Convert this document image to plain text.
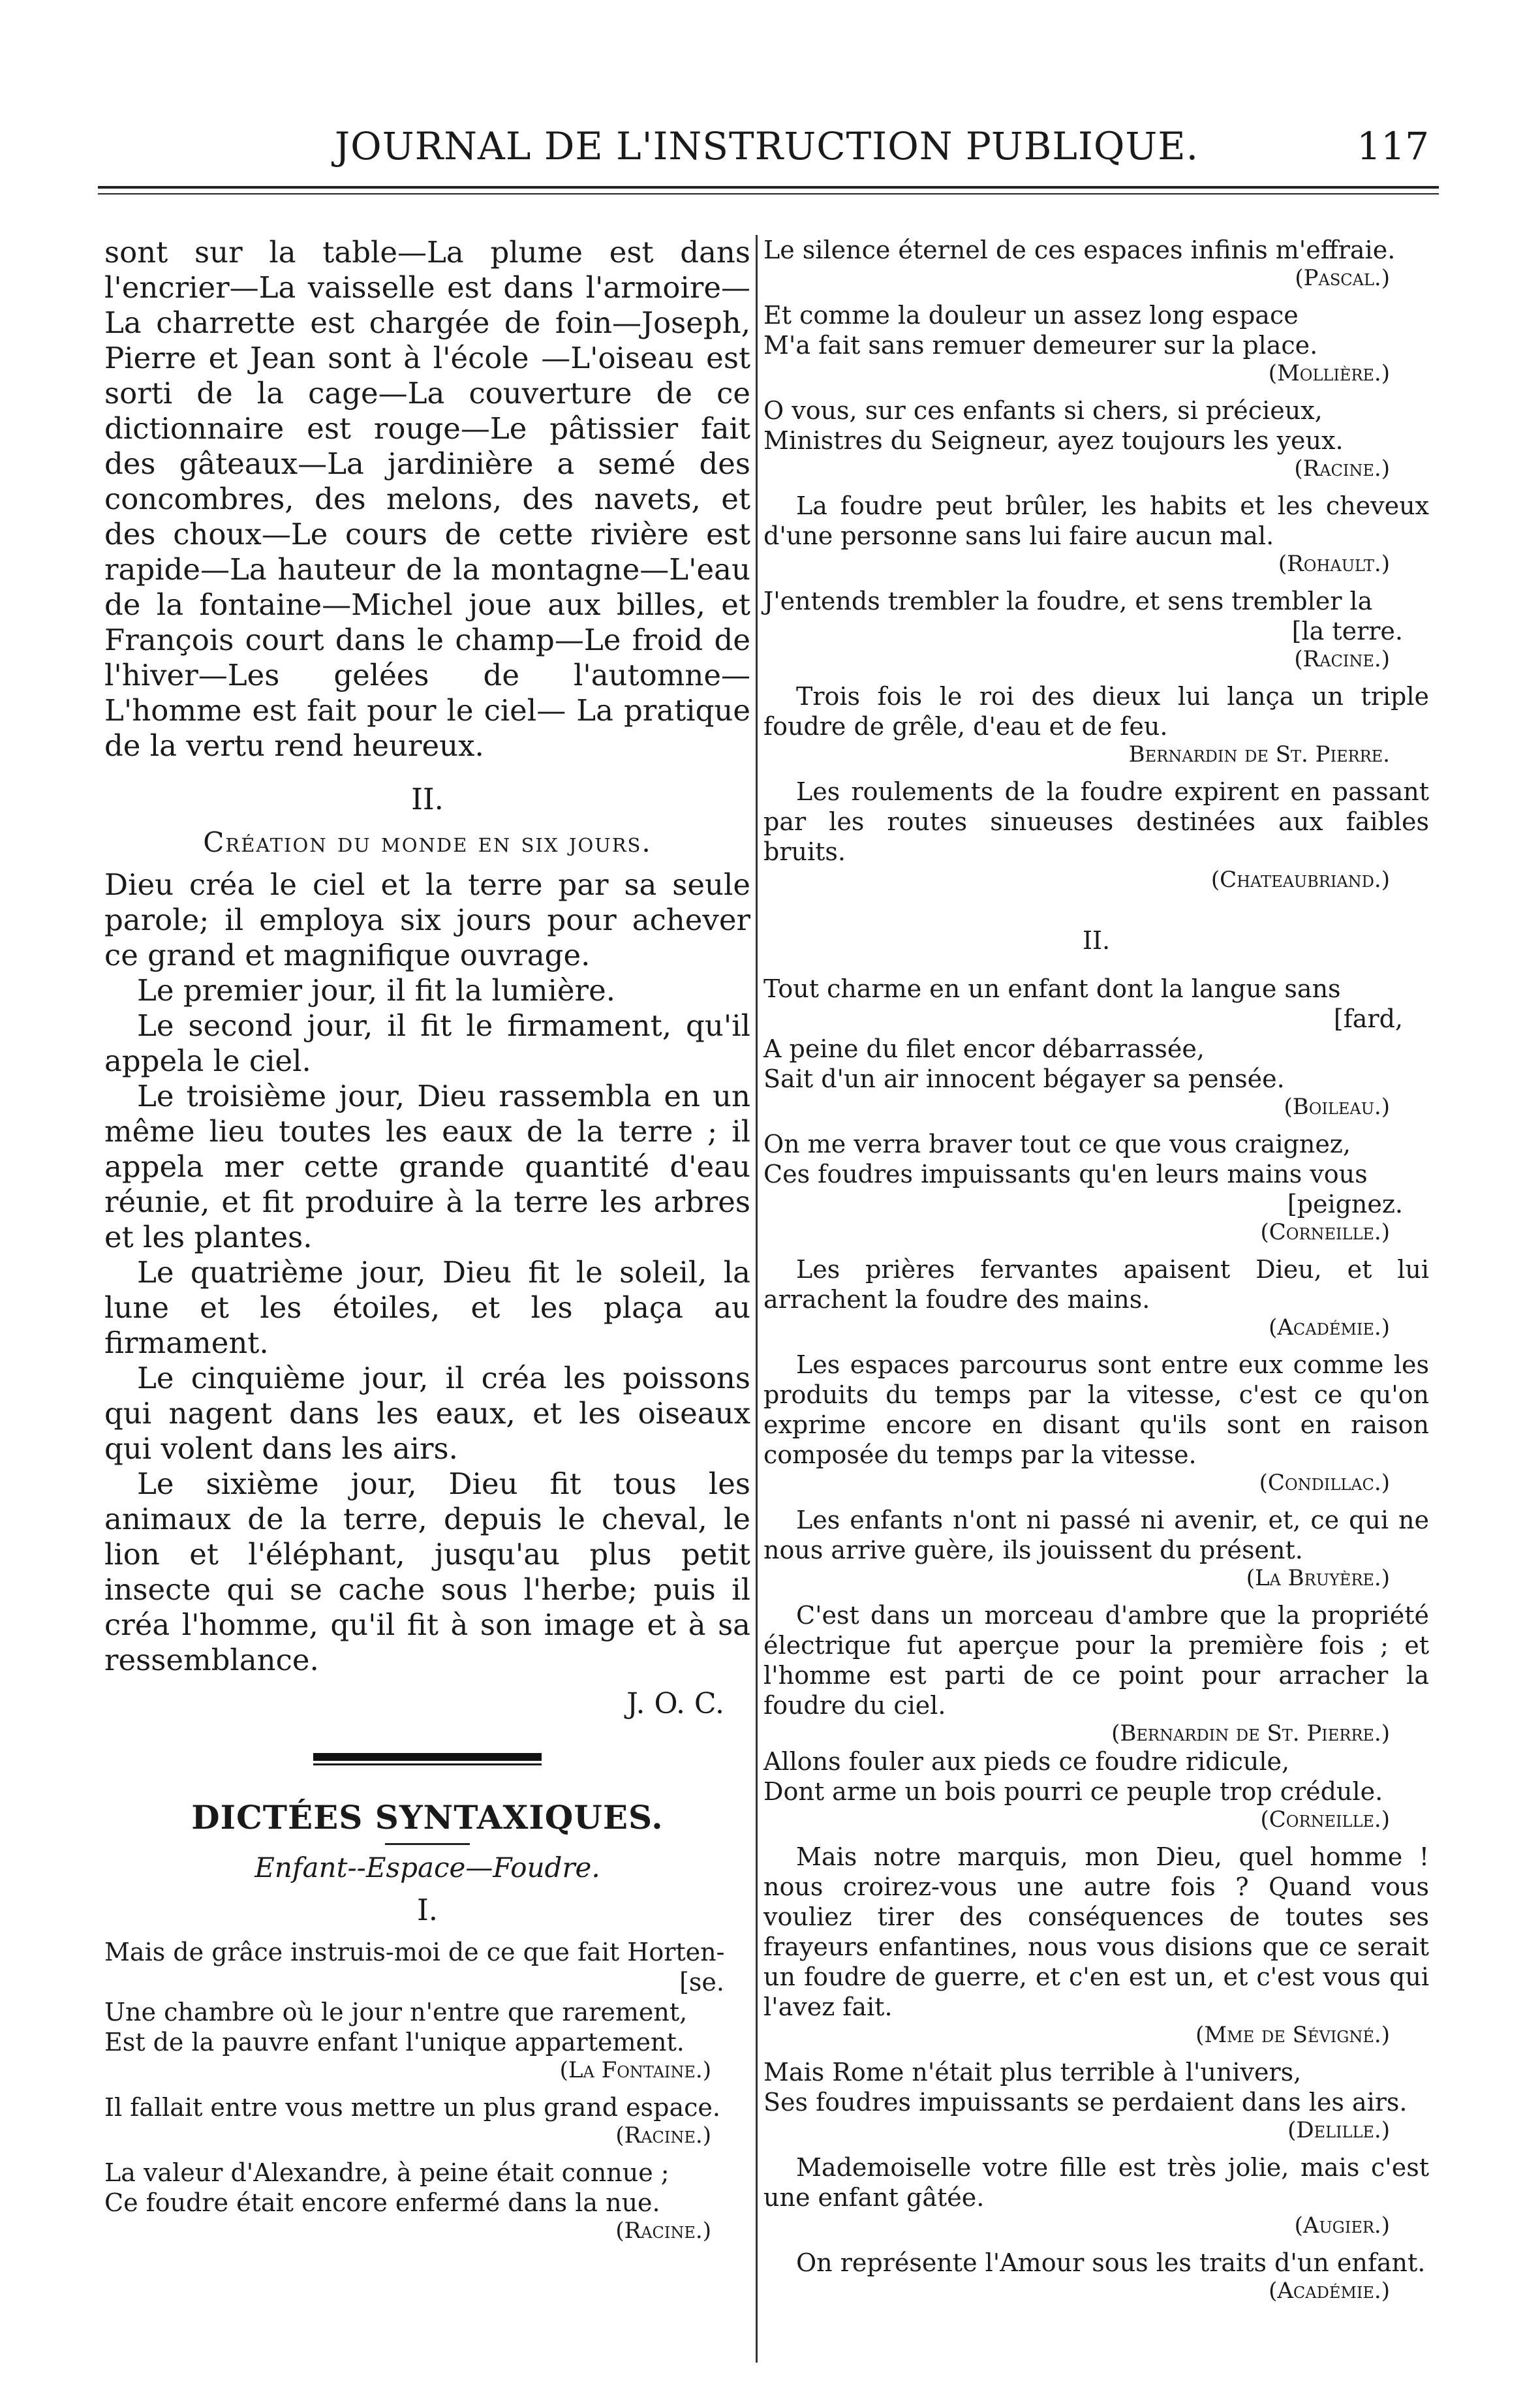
JOURNAL DE L'INSTRUCTION PUBLIQUE.	117

sont sur la table—La plume est dans l'encrier—La vaisselle est dans l'armoire—La charrette est chargée de foin—Joseph, Pierre et Jean sont à l'école —L'oiseau est sorti de la cage—La couverture de ce dictionnaire est rouge—Le pâtissier fait des gâteaux—La jardinière a semé des concombres, des melons, des navets, et des choux—Le cours de cette rivière est rapide—La hauteur de la montagne—L'eau de la fontaine—Michel joue aux billes, et François court dans le champ—Le froid de l'hiver—Les gelées de l'automne—L'homme est fait pour le ciel— La pratique de la vertu rend heureux.

II.

Création du monde en six jours.

Dieu créa le ciel et la terre par sa seule parole; il employa six jours pour achever ce grand et magnifique ouvrage.

Le premier jour, il fit la lumière.

Le second jour, il fit le firmament, qu'il appela le ciel.

Le troisième jour, Dieu rassembla en un même lieu toutes les eaux de la terre ; il appela mer cette grande quantité d'eau réunie, et fit produire à la terre les arbres et les plantes.

Le quatrième jour, Dieu fit le soleil, la lune et les étoiles, et les plaça au firmament.

Le cinquième jour, il créa les poissons qui nagent dans les eaux, et les oiseaux qui volent dans les airs.

Le sixième jour, Dieu fit tous les animaux de la terre, depuis le cheval, le lion et l'éléphant, jusqu'au plus petit insecte qui se cache sous l'herbe; puis il créa l'homme, qu'il fit à son image et à sa ressemblance.

J. O. C.

DICTÉES SYNTAXIQUES.

Enfant--Espace—Foudre.

I.

Mais de grâce instruis-moi de ce que fait Horten-

[se.

Une chambre où le jour n'entre que rarement,

Est de la pauvre enfant l'unique appartement.

(La Fontaine.)

Il fallait entre vous mettre un plus grand espace.

(Racine.)

La valeur d'Alexandre, à peine était connue ;

Ce foudre était encore enfermé dans la nue.

(Racine.)

Le silence éternel de ces espaces infinis m'effraie.

(Pascal.)

Et comme la douleur un assez long espace

M'a fait sans remuer demeurer sur la place.

(Mollière.)

O vous, sur ces enfants si chers, si précieux,

Ministres du Seigneur, ayez toujours les yeux.

(Racine.)

La foudre peut brûler, les habits et les cheveux d'une personne sans lui faire aucun mal.

(Rohault.)

J'entends trembler la foudre, et sens trembler la

[la terre.

(Racine.)

Trois fois le roi des dieux lui lança un triple foudre de grêle, d'eau et de feu.

Bernardin de St. Pierre.

Les roulements de la foudre expirent en passant par les routes sinueuses destinées aux faibles bruits.

(Chateaubriand.)

II.

Tout charme en un enfant dont la langue sans

[fard,

A peine du filet encor débarrassée,

Sait d'un air innocent bégayer sa pensée.

(Boileau.)

On me verra braver tout ce que vous craignez,

Ces foudres impuissants qu'en leurs mains vous

[peignez.

(Corneille.)

Les prières fervantes apaisent Dieu, et lui arrachent la foudre des mains.

(Académie.)

Les espaces parcourus sont entre eux comme les produits du temps par la vitesse, c'est ce qu'on exprime encore en disant qu'ils sont en raison composée du temps par la vitesse.

(Condillac.)

Les enfants n'ont ni passé ni avenir, et, ce qui ne nous arrive guère, ils jouissent du présent.

(La Bruyère.)

C'est dans un morceau d'ambre que la propriété électrique fut aperçue pour la première fois ; et l'homme est parti de ce point pour arracher la foudre du ciel.

(Bernardin de St. Pierre.)

Allons fouler aux pieds ce foudre ridicule,

Dont arme un bois pourri ce peuple trop crédule.

(Corneille.)

Mais notre marquis, mon Dieu, quel homme ! nous croirez-vous une autre fois ? Quand vous vouliez tirer des conséquences de toutes ses frayeurs enfantines, nous vous disions que ce serait un foudre de guerre, et c'en est un, et c'est vous qui l'avez fait.

(Mme de Sévigné.)

Mais Rome n'était plus terrible à l'univers,

Ses foudres impuissants se perdaient dans les airs.

(Delille.)

Mademoiselle votre fille est très jolie, mais c'est une enfant gâtée.

(Augier.)

On représente l'Amour sous les traits d'un enfant.

(Académie.)
